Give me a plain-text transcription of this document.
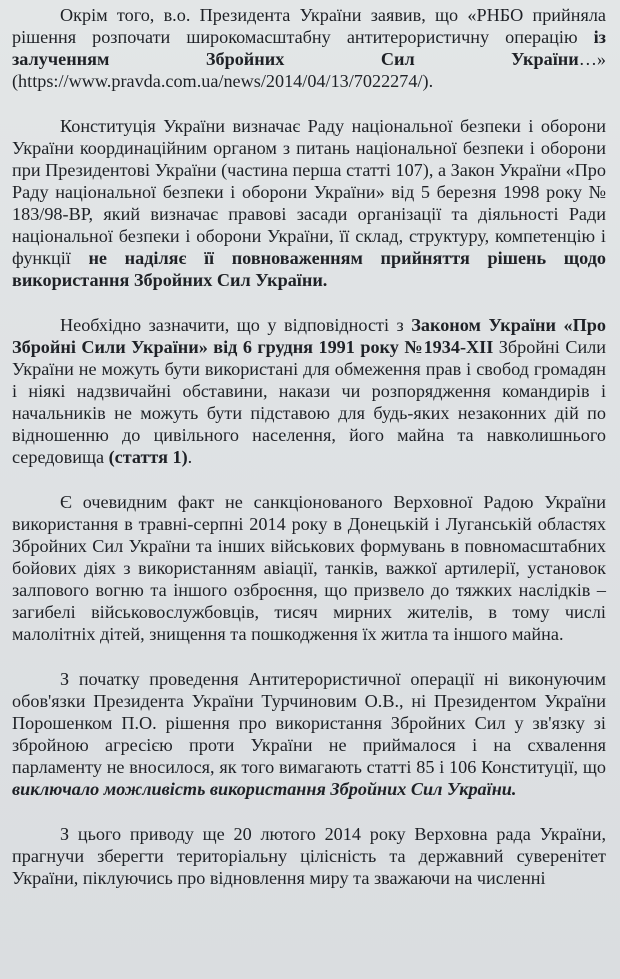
Окрім того, в.о. Президента України заявив, що «РНБО прийняла рішення розпочати широкомасштабну антитерористичну операцію із залученням Збройних Сил України…» (https://www.pravda.com.ua/news/2014/04/13/7022274/).

Конституція України визначає Раду національної безпеки і оборони України координаційним органом з питань національної безпеки і оборони при Президентові України (частина перша статті 107), а Закон України «Про Раду національної безпеки і оборони України» від 5 березня 1998 року № 183/98-ВР, який визначає правові засади організації та діяльності Ради національної безпеки і оборони України, її склад, структуру, компетенцію і функції не наділяє її повноваженням прийняття рішень щодо використання Збройних Сил України.

Необхідно зазначити, що у відповідності з Законом України «Про Збройні Сили України» від 6 грудня 1991 року №1934-ХІІ Збройні Сили України не можуть бути використані для обмеження прав і свобод громадян і ніякі надзвичайні обставини, накази чи розпорядження командирів і начальників не можуть бути підставою для будь-яких незаконних дій по відношенню до цивільного населення, його майна та навколишнього середовища (стаття 1).

Є очевидним факт не санкціонованого Верховної Радою України використання в травні-серпні 2014 року в Донецькій і Луганській областях Збройних Сил України та інших військових формувань в повномасштабних бойових діях з використанням авіації, танків, важкої артилерії, установок залпового вогню та іншого озброєння, що призвело до тяжких наслідків – загибелі військовослужбовців, тисяч мирних жителів, в тому числі малолітніх дітей, знищення та пошкодження їх житла та іншого майна.

З початку проведення Антитерористичної операції ні виконуючим обов'язки Президента України Турчиновим О.В., ні Президентом України Порошенком П.О. рішення про використання Збройних Сил у зв'язку зі збройною агресією проти України не приймалося і на схвалення парламенту не вносилося, як того вимагають статті 85 і 106 Конституції, що виключало можливість використання Збройних Сил України.

З цього приводу ще 20 лютого 2014 року Верховна рада України, прагнучи зберегти територіальну цілісність та державний суверенітет України, піклуючись про відновлення миру та зважаючи на численні
